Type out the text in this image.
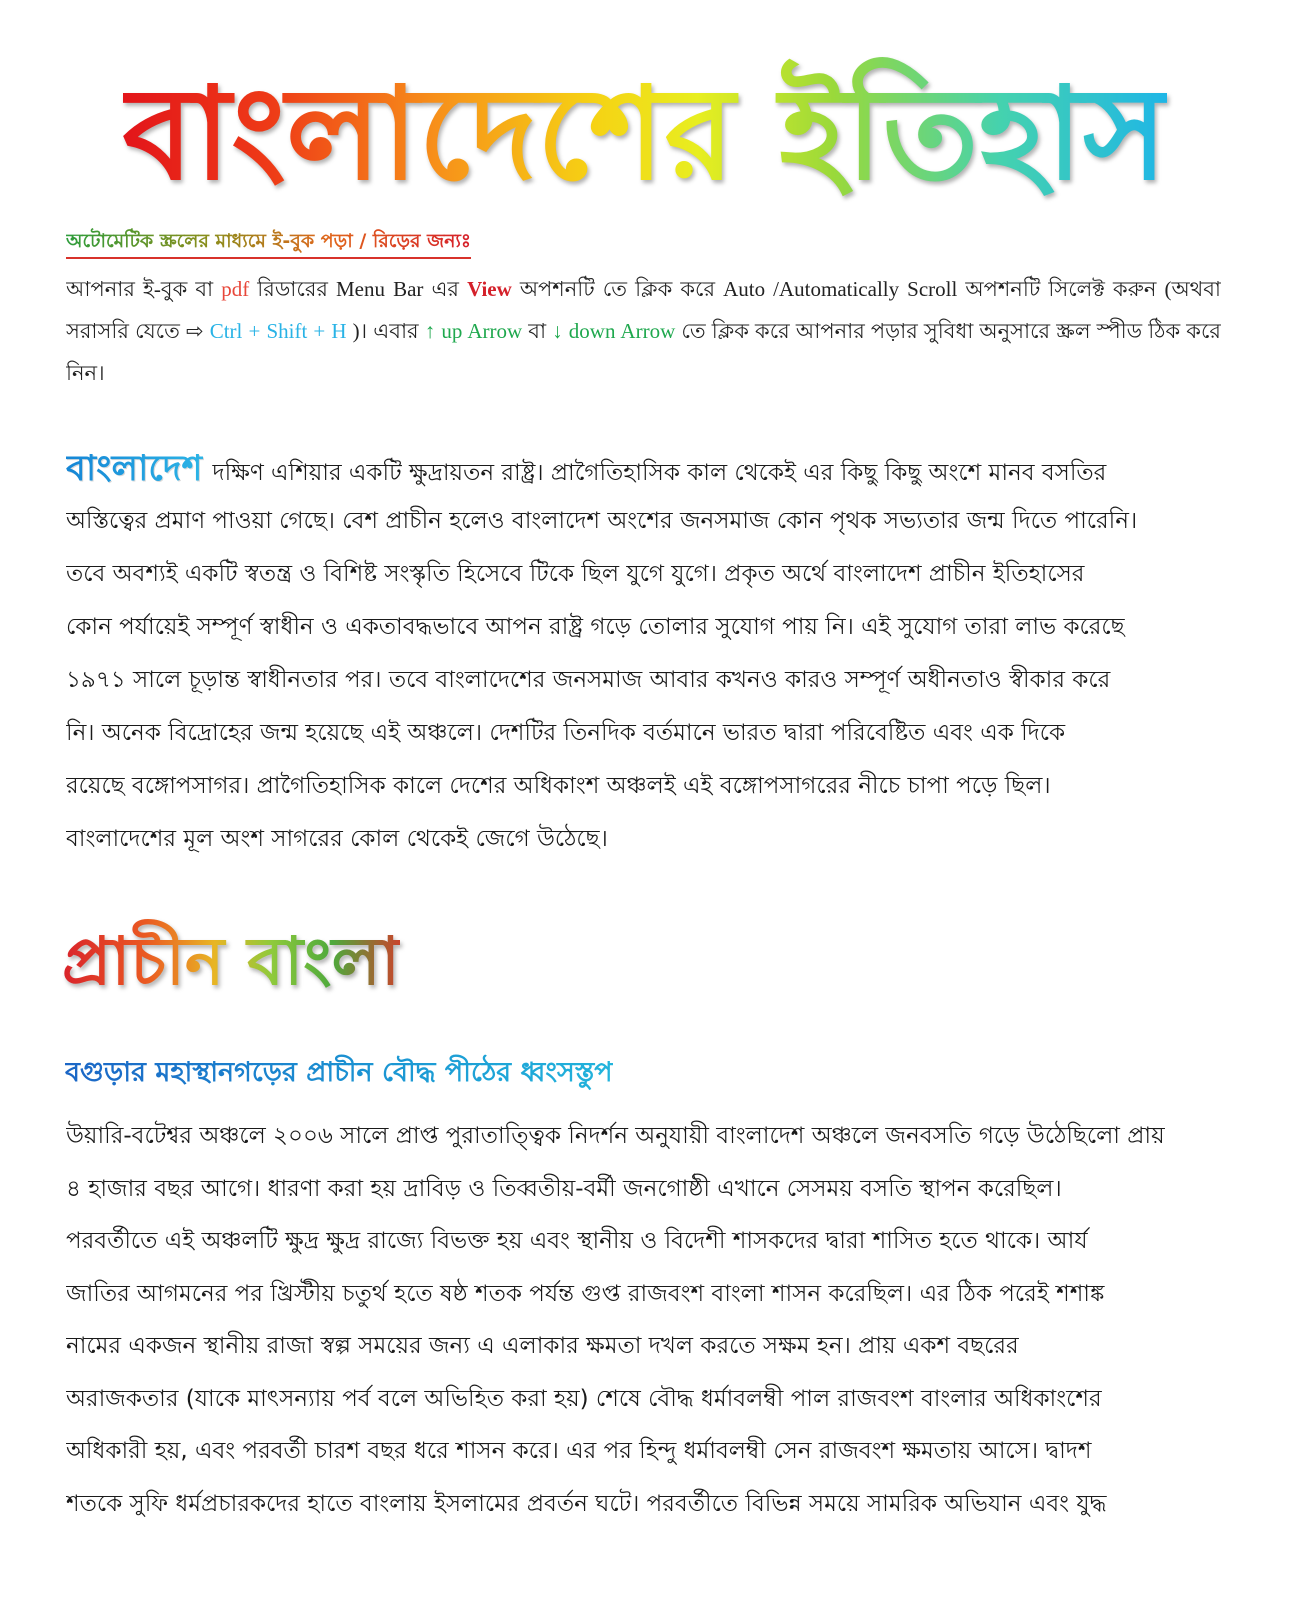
বাংলাদেশের ইতিহাস
অটোমেটিক স্ক্রলের মাধ্যমে ই-বুক পড়া / রিড়ের জন্যঃ

আপনার ই-বুক বা pdf রিডারের Menu Bar এর View অপশনটি তে ক্লিক করে Auto /Automatically Scroll অপশনটি সিলেক্ট করুন (অথবা সরাসরি যেতে ⇨ Ctrl + Shift + H )। এবার ↑ up Arrow বা ↓ down Arrow তে ক্লিক করে আপনার পড়ার সুবিধা অনুসারে স্ক্রল স্পীড ঠিক করে নিন।

বাংলাদেশ দক্ষিণ এশিয়ার একটি ক্ষুদ্রায়তন রাষ্ট্র। প্রাগৈতিহাসিক কাল থেকেই এর কিছু কিছু অংশে মানব বসতির
অস্তিত্বের প্রমাণ পাওয়া গেছে। বেশ প্রাচীন হলেও বাংলাদেশ অংশের জনসমাজ কোন পৃথক সভ্যতার জন্ম দিতে পারেনি।
তবে অবশ্যই একটি স্বতন্ত্র ও বিশিষ্ট সংস্কৃতি হিসেবে টিকে ছিল যুগে যুগে। প্রকৃত অর্থে বাংলাদেশ প্রাচীন ইতিহাসের
কোন পর্যায়েই সম্পূর্ণ স্বাধীন ও একতাবদ্ধভাবে আপন রাষ্ট্র গড়ে তোলার সুযোগ পায় নি। এই সুযোগ তারা লাভ করেছে
১৯৭১ সালে চূড়ান্ত স্বাধীনতার পর। তবে বাংলাদেশের জনসমাজ আবার কখনও কারও সম্পূর্ণ অধীনতাও স্বীকার করে
নি। অনেক বিদ্রোহের জন্ম হয়েছে এই অঞ্চলে। দেশটির তিনদিক বর্তমানে ভারত দ্বারা পরিবেষ্টিত এবং এক দিকে
রয়েছে বঙ্গোপসাগর। প্রাগৈতিহাসিক কালে দেশের অধিকাংশ অঞ্চলই এই বঙ্গোপসাগরের নীচে চাপা পড়ে ছিল।
বাংলাদেশের মূল অংশ সাগরের কোল থেকেই জেগে উঠেছে।
প্রাচীন বাংলা
বগুড়ার মহাস্থানগড়ের প্রাচীন বৌদ্ধ পীঠের ধ্বংসস্তুপ
উয়ারি-বটেশ্বর অঞ্চলে ২০০৬ সালে প্রাপ্ত পুরাতাত্ত্বিক নিদর্শন অনুযায়ী বাংলাদেশ অঞ্চলে জনবসতি গড়ে উঠেছিলো প্রায়
৪ হাজার বছর আগে। ধারণা করা হয় দ্রাবিড় ও তিব্বতীয়-বর্মী জনগোষ্ঠী এখানে সেসময় বসতি স্থাপন করেছিল।
পরবর্তীতে এই অঞ্চলটি ক্ষুদ্র ক্ষুদ্র রাজ্যে বিভক্ত হয় এবং স্থানীয় ও বিদেশী শাসকদের দ্বারা শাসিত হতে থাকে। আর্য
জাতির আগমনের পর খ্রিস্টীয় চতুর্থ হতে ষষ্ঠ শতক পর্যন্ত গুপ্ত রাজবংশ বাংলা শাসন করেছিল। এর ঠিক পরেই শশাঙ্ক
নামের একজন স্থানীয় রাজা স্বল্প সময়ের জন্য এ এলাকার ক্ষমতা দখল করতে সক্ষম হন। প্রায় একশ বছরের
অরাজকতার (যাকে মাৎসন্যায় পর্ব বলে অভিহিত করা হয়) শেষে বৌদ্ধ ধর্মাবলম্বী পাল রাজবংশ বাংলার অধিকাংশের
অধিকারী হয়, এবং পরবর্তী চারশ বছর ধরে শাসন করে। এর পর হিন্দু ধর্মাবলম্বী সেন রাজবংশ ক্ষমতায় আসে। দ্বাদশ
শতকে সুফি ধর্মপ্রচারকদের হাতে বাংলায় ইসলামের প্রবর্তন ঘটে। পরবর্তীতে বিভিন্ন সময়ে সামরিক অভিযান এবং যুদ্ধ
